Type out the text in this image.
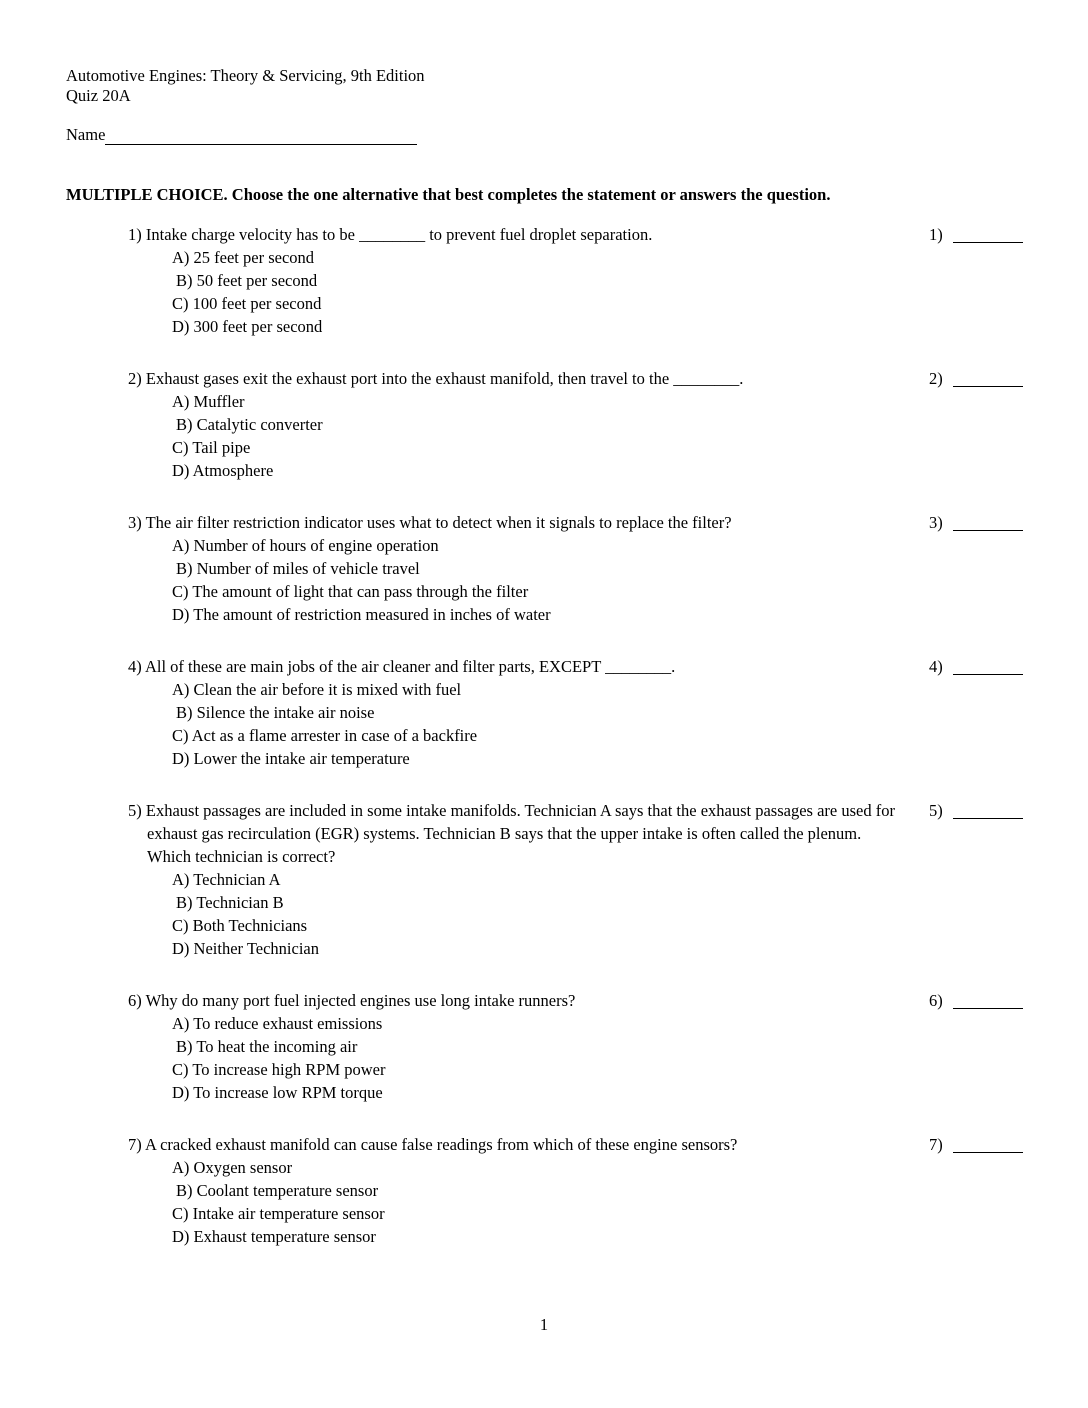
Automotive Engines: Theory & Servicing, 9th Edition
Quiz 20A
Name
MULTIPLE CHOICE. Choose the one alternative that best completes the statement or answers the question.
1) Intake charge velocity has to be ________ to prevent fuel droplet separation.
A) 25 feet per second
B) 50 feet per second
C) 100 feet per second
D) 300 feet per second
1)
2) Exhaust gases exit the exhaust port into the exhaust manifold, then travel to the ________.
A) Muffler
B) Catalytic converter
C) Tail pipe
D) Atmosphere
2)
3) The air filter restriction indicator uses what to detect when it signals to replace the filter?
A) Number of hours of engine operation
B) Number of miles of vehicle travel
C) The amount of light that can pass through the filter
D) The amount of restriction measured in inches of water
3)
4) All of these are main jobs of the air cleaner and filter parts, EXCEPT ________.
A) Clean the air before it is mixed with fuel
B) Silence the intake air noise
C) Act as a flame arrester in case of a backfire
D) Lower the intake air temperature
4)
5) Exhaust passages are included in some intake manifolds. Technician A says that the exhaust passages are used for exhaust gas recirculation (EGR) systems. Technician B says that the upper intake is often called the plenum. Which technician is correct?
A) Technician A
B) Technician B
C) Both Technicians
D) Neither Technician
5)
6) Why do many port fuel injected engines use long intake runners?
A) To reduce exhaust emissions
B) To heat the incoming air
C) To increase high RPM power
D) To increase low RPM torque
6)
7) A cracked exhaust manifold can cause false readings from which of these engine sensors?
A) Oxygen sensor
B) Coolant temperature sensor
C) Intake air temperature sensor
D) Exhaust temperature sensor
7)
1
